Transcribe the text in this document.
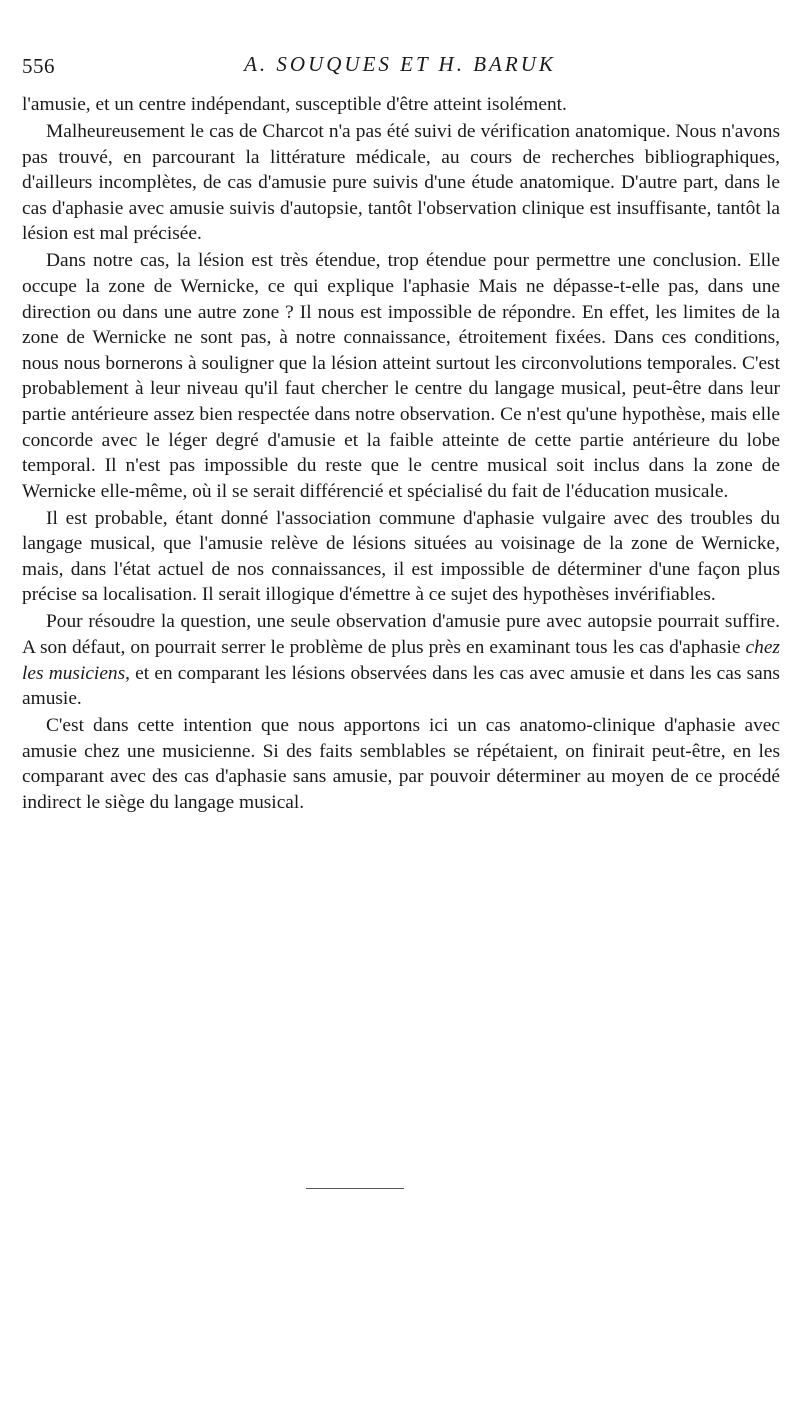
556	A. SOUQUES ET H. BARUK

l'amusie, et un centre indépendant, susceptible d'être atteint isolément.

Malheureusement le cas de Charcot n'a pas été suivi de vérification anatomique. Nous n'avons pas trouvé, en parcourant la littérature médicale, au cours de recherches bibliographiques, d'ailleurs incomplètes, de cas d'amusie pure suivis d'une étude anatomique. D'autre part, dans le cas d'aphasie avec amusie suivis d'autopsie, tantôt l'observation clinique est insuffisante, tantôt la lésion est mal précisée.

Dans notre cas, la lésion est très étendue, trop étendue pour permettre une conclusion. Elle occupe la zone de Wernicke, ce qui explique l'aphasie Mais ne dépasse-t-elle pas, dans une direction ou dans une autre zone ? Il nous est impossible de répondre. En effet, les limites de la zone de Wernicke ne sont pas, à notre connaissance, étroitement fixées. Dans ces conditions, nous nous bornerons à souligner que la lésion atteint surtout les circonvolutions temporales. C'est probablement à leur niveau qu'il faut chercher le centre du langage musical, peut-être dans leur partie antérieure assez bien respectée dans notre observation. Ce n'est qu'une hypothèse, mais elle concorde avec le léger degré d'amusie et la faible atteinte de cette partie antérieure du lobe temporal. Il n'est pas impossible du reste que le centre musical soit inclus dans la zone de Wernicke elle-même, où il se serait différencié et spécialisé du fait de l'éducation musicale.

Il est probable, étant donné l'association commune d'aphasie vulgaire avec des troubles du langage musical, que l'amusie relève de lésions situées au voisinage de la zone de Wernicke, mais, dans l'état actuel de nos connaissances, il est impossible de déterminer d'une façon plus précise sa localisation. Il serait illogique d'émettre à ce sujet des hypothèses invérifiables.

Pour résoudre la question, une seule observation d'amusie pure avec autopsie pourrait suffire. A son défaut, on pourrait serrer le problème de plus près en examinant tous les cas d'aphasie chez les musiciens, et en comparant les lésions observées dans les cas avec amusie et dans les cas sans amusie.

C'est dans cette intention que nous apportons ici un cas anatomo-clinique d'aphasie avec amusie chez une musicienne. Si des faits semblables se répétaient, on finirait peut-être, en les comparant avec des cas d'aphasie sans amusie, par pouvoir déterminer au moyen de ce procédé indirect le siège du langage musical.
